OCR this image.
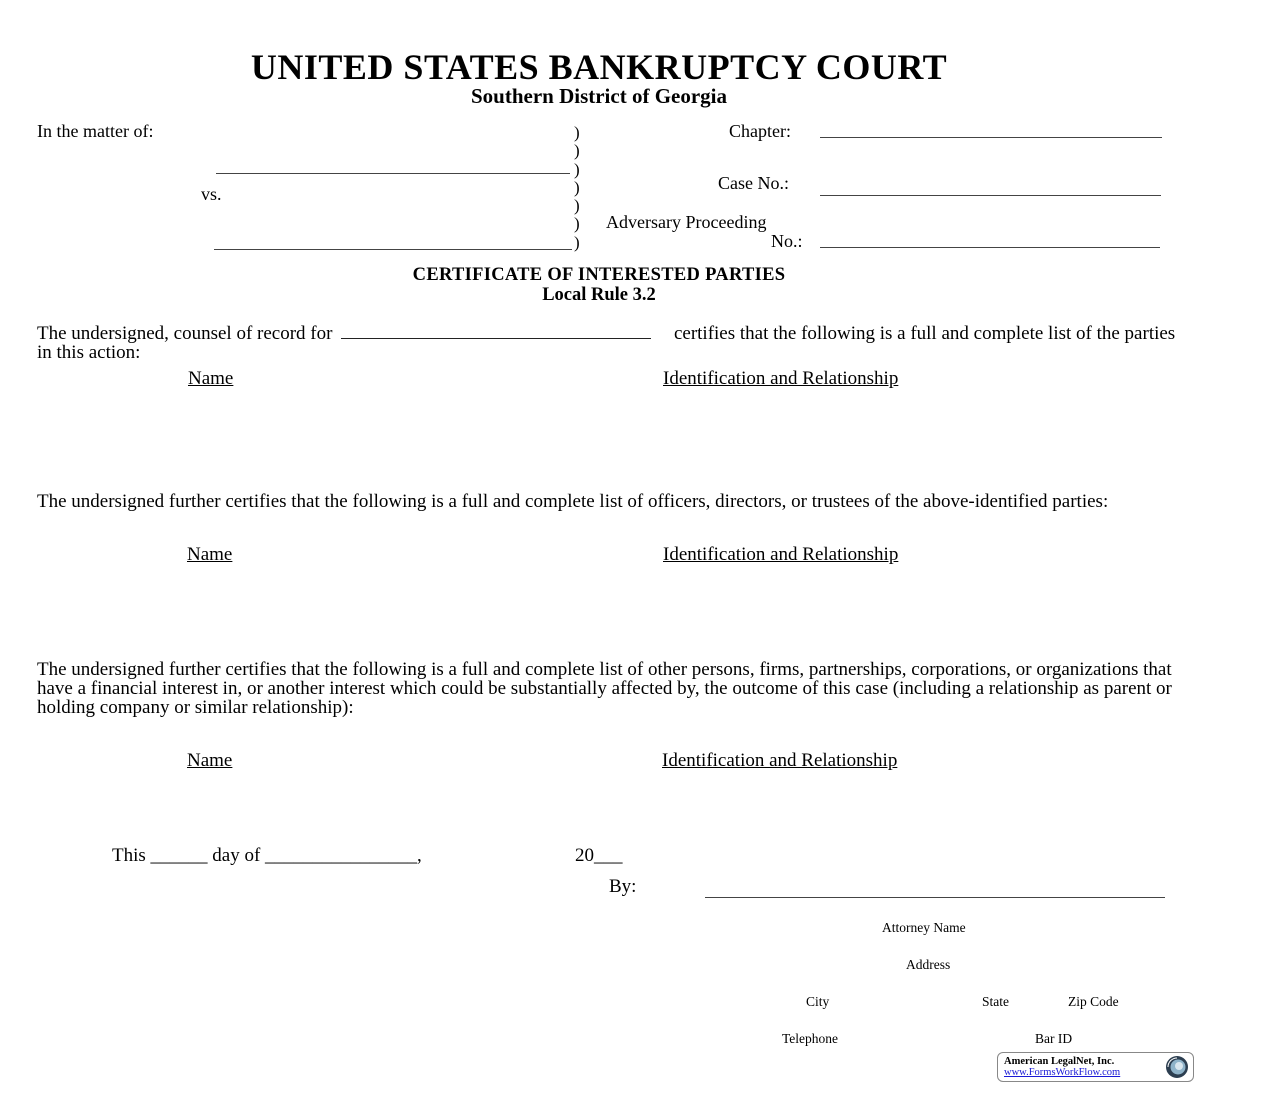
UNITED STATES BANKRUPTCY COURT
Southern District of Georgia
In the matter of:
vs.
)
)
)
)
)
)
)
Chapter:
Case No.:
Adversary Proceeding
No.:
CERTIFICATE OF INTERESTED PARTIES
Local Rule 3.2
The undersigned, counsel of record for	certifies that the following is a full and complete list of the parties in this action:
Name	Identification and Relationship
The undersigned further certifies that the following is a full and complete list of officers, directors, or trustees of the above-identified parties:
Name	Identification and Relationship
The undersigned further certifies that the following is a full and complete list of other persons, firms, partnerships, corporations, or organizations that have a financial interest in, or another interest which could be substantially affected by, the outcome of this case (including a relationship as parent or holding company or similar relationship):
Name	Identification and Relationship
This ______ day of ________________,	20___
By:
Attorney Name
Address
City	State	Zip Code
Telephone	Bar ID
American LegalNet, Inc.
www.FormsWorkFlow.com
